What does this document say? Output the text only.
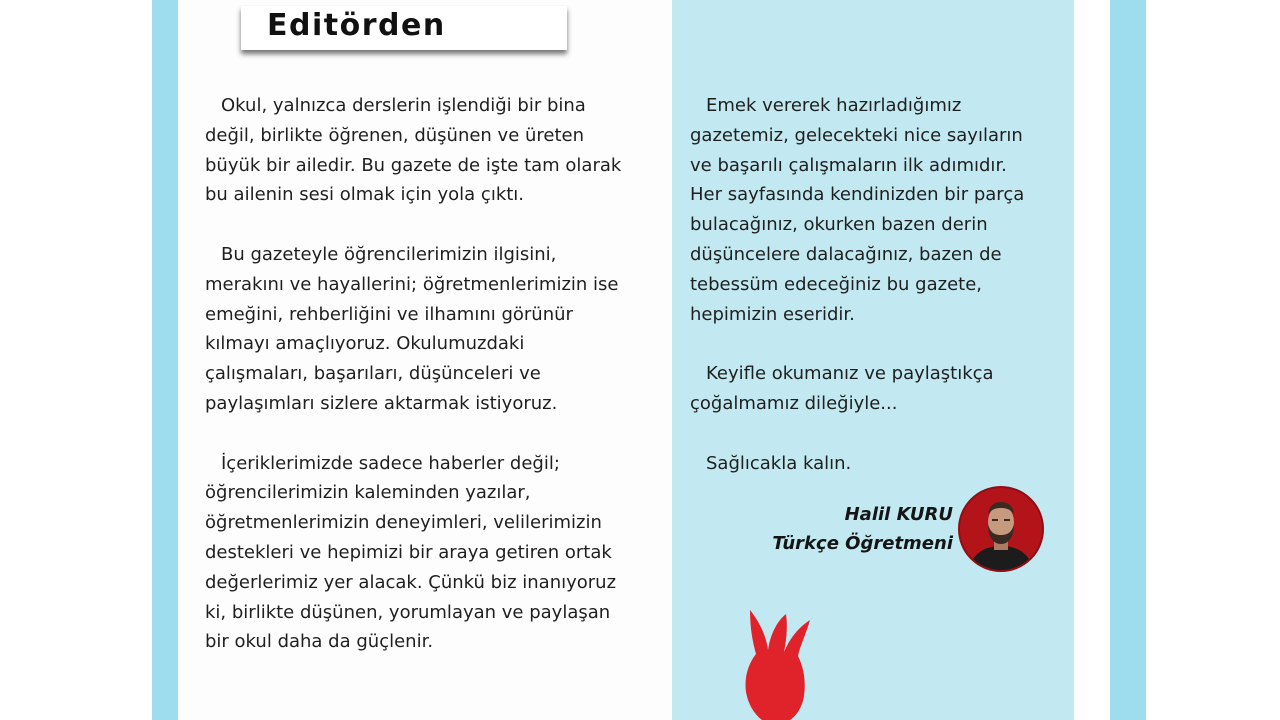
Editörden

Okul, yalnızca derslerin işlendiği bir bina
değil, birlikte öğrenen, düşünen ve üreten
büyük bir ailedir. Bu gazete de işte tam olarak
bu ailenin sesi olmak için yola çıktı.

Bu gazeteyle öğrencilerimizin ilgisini,
merakını ve hayallerini; öğretmenlerimizin ise
emeğini, rehberliğini ve ilhamını görünür
kılmayı amaçlıyoruz. Okulumuzdaki
çalışmaları, başarıları, düşünceleri ve
paylaşımları sizlere aktarmak istiyoruz.

İçeriklerimizde sadece haberler değil;
öğrencilerimizin kaleminden yazılar,
öğretmenlerimizin deneyimleri, velilerimizin
destekleri ve hepimizi bir araya getiren ortak
değerlerimiz yer alacak. Çünkü biz inanıyoruz
ki, birlikte düşünen, yorumlayan ve paylaşan
bir okul daha da güçlenir.

Emek vererek hazırladığımız
gazetemiz, gelecekteki nice sayıların
ve başarılı çalışmaların ilk adımıdır.
Her sayfasında kendinizden bir parça
bulacağınız, okurken bazen derin
düşüncelere dalacağınız, bazen de
tebessüm edeceğiniz bu gazete,
hepimizin eseridir.

Keyifle okumanız ve paylaştıkça
çoğalmamız dileğiyle...

Sağlıcakla kalın.

Halil KURU
Türkçe Öğretmeni
